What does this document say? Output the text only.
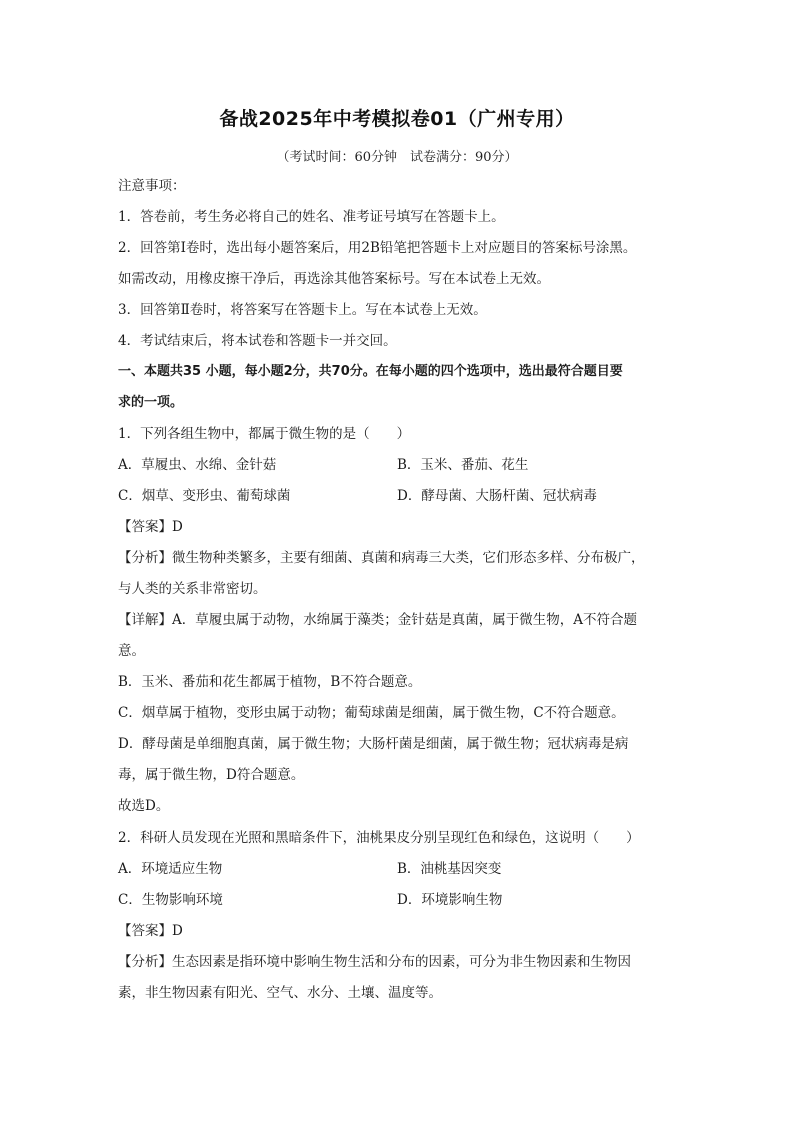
备战2025年中考模拟卷01（广州专用）
（考试时间：60分钟　试卷满分：90分）
注意事项：
1．答卷前，考生务必将自己的姓名、准考证号填写在答题卡上。
2．回答第Ⅰ卷时，选出每小题答案后，用2B铅笔把答题卡上对应题目的答案标号涂黑。
如需改动，用橡皮擦干净后，再选涂其他答案标号。写在本试卷上无效。
3．回答第Ⅱ卷时，将答案写在答题卡上。写在本试卷上无效。
4．考试结束后，将本试卷和答题卡一并交回。
一、本题共35 小题，每小题2分，共70分。在每小题的四个选项中，选出最符合题目要
求的一项。
1．下列各组生物中，都属于微生物的是（　　）
A．草履虫、水绵、金针菇	B．玉米、番茄、花生
C．烟草、变形虫、葡萄球菌	D．酵母菌、大肠杆菌、冠状病毒
【答案】D
【分析】微生物种类繁多，主要有细菌、真菌和病毒三大类，它们形态多样、分布极广，
与人类的关系非常密切。
【详解】A．草履虫属于动物，水绵属于藻类；金针菇是真菌，属于微生物，A不符合题
意。
B．玉米、番茄和花生都属于植物，B不符合题意。
C．烟草属于植物，变形虫属于动物；葡萄球菌是细菌，属于微生物，C不符合题意。
D．酵母菌是单细胞真菌，属于微生物；大肠杆菌是细菌，属于微生物；冠状病毒是病
毒，属于微生物，D符合题意。
故选D。
2．科研人员发现在光照和黑暗条件下，油桃果皮分别呈现红色和绿色，这说明（　　）
A．环境适应生物	B．油桃基因突变
C．生物影响环境	D．环境影响生物
【答案】D
【分析】生态因素是指环境中影响生物生活和分布的因素，可分为非生物因素和生物因
素，非生物因素有阳光、空气、水分、土壤、温度等。
